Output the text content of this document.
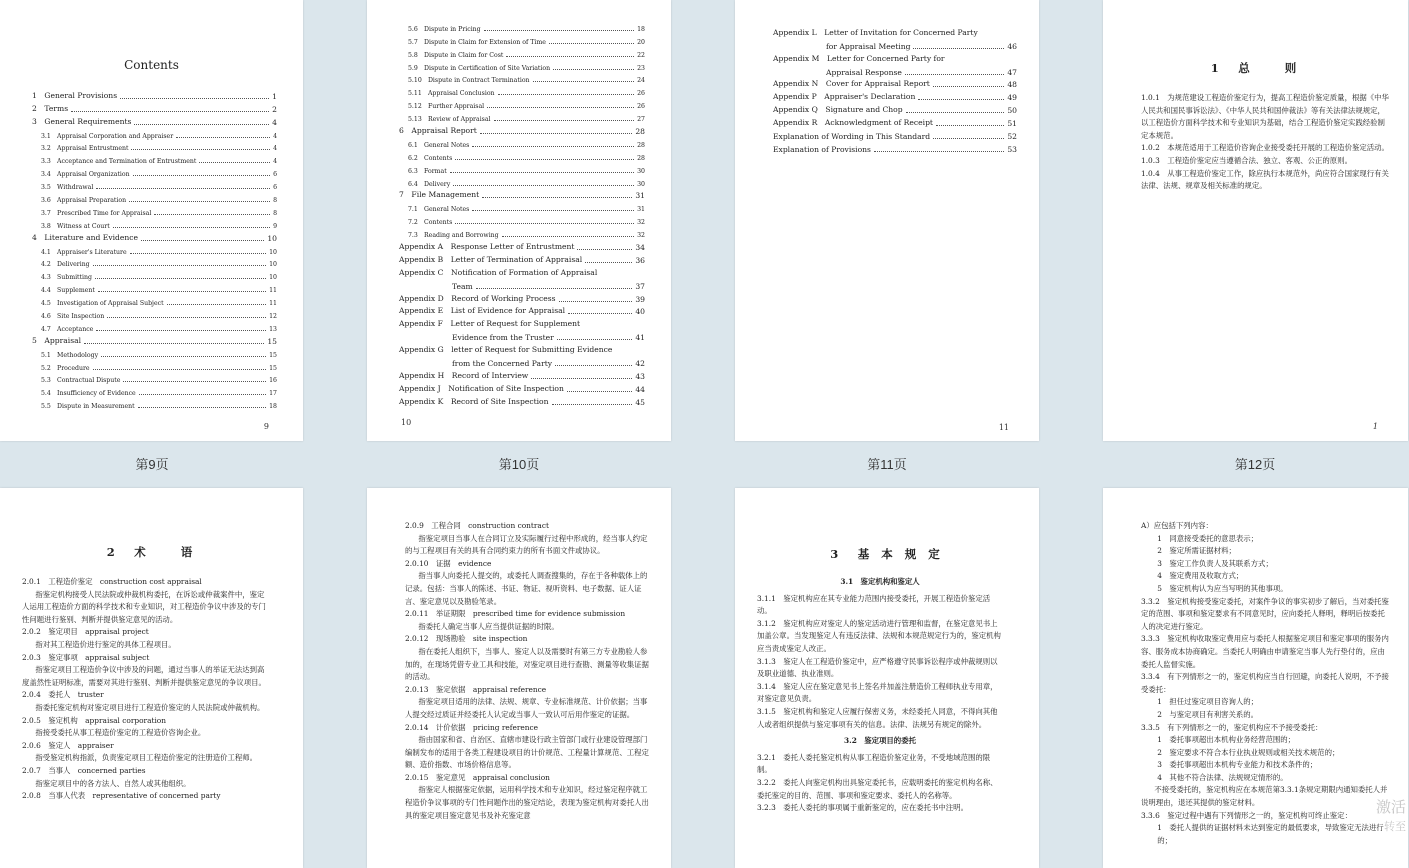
Contents
1　General Provisions	1
2　Terms	2
3　General Requirements	4
3.1　Appraisal Corporation and Appraiser	4
3.2　Appraisal Entrustment	4
3.3　Acceptance and Termination of Entrustment	4
3.4　Appraisal Organization	6
3.5　Withdrawal	6
3.6　Appraisal Preparation	8
3.7　Prescribed Time for Appraisal	8
3.8　Witness at Court	9
4　Literature and Evidence	10
4.1　Appraiser's Literature	10
4.2　Delivering	10
4.3　Submitting	10
4.4　Supplement	11
4.5　Investigation of Appraisal Subject	11
4.6　Site Inspection	12
4.7　Acceptance	13
5　Appraisal	15
5.1　Methodology	15
5.2　Procedure	15
5.3　Contractual Dispute	16
5.4　Insufficiency of Evidence	17
5.5　Dispute in Measurement	18
9
第9页
5.6　Dispute in Pricing	18
5.7　Dispute in Claim for Extension of Time	20
5.8　Dispute in Claim for Cost	22
5.9　Dispute in Certification of Site Variation	23
5.10　Dispute in Contract Termination	24
5.11　Appraisal Conclusion	26
5.12　Further Appraisal	26
5.13　Review of Appraisal	27
6　Appraisal Report	28
6.1　General Notes	28
6.2　Contents	28
6.3　Format	30
6.4　Delivery	30
7　File Management	31
7.1　General Notes	31
7.2　Contents	32
7.3　Reading and Borrowing	32
Appendix A　Response Letter of Entrustment	34
Appendix B　Letter of Termination of Appraisal	36
Appendix C　Notification of Formation of Appraisal
Team	37
Appendix D　Record of Working Process	39
Appendix E　List of Evidence for Appraisal	40
Appendix F　Letter of Request for Supplement
Evidence from the Truster	41
Appendix G　letter of Request for Submitting Evidence
from the Concerned Party	42
Appendix H　Record of Interview	43
Appendix J　Notification of Site Inspection	44
Appendix K　Record of Site Inspection	45
10
第10页
Appendix L　Letter of Invitation for Concerned Party
for Appraisal Meeting	46
Appendix M　Letter for Concerned Party for
Appraisal Response	47
Appendix N　Cover for Appraisal Report	48
Appendix P　Appraiser's Declaration	49
Appendix Q　Signature and Chop	50
Appendix R　Acknowledgment of Receipt	51
Explanation of Wording in This Standard	52
Explanation of Provisions	53
11
第11页
1　总　　则

1.0.1　为规范建设工程造价鉴定行为，提高工程造价鉴定质量，根据《中华人民共和国民事诉讼法》、《中华人民共和国仲裁法》等有关法律法规规定，以工程造价方面科学技术和专业知识为基础，结合工程造价鉴定实践经验制定本规范。

1.0.2　本规范适用于工程造价咨询企业接受委托开展的工程造价鉴定活动。

1.0.3　工程造价鉴定应当遵循合法、独立、客观、公正的原则。

1.0.4　从事工程造价鉴定工作，除应执行本规范外，尚应符合国家现行有关法律、法规、规章及相关标准的规定。

1
第12页
2　术　　语

2.0.1　工程造价鉴定　construction cost appraisal

指鉴定机构接受人民法院或仲裁机构委托，在诉讼或仲裁案件中，鉴定人运用工程造价方面的科学技术和专业知识，对工程造价争议中涉及的专门性问题进行鉴别、判断并提供鉴定意见的活动。

2.0.2　鉴定项目　appraisal project

指对其工程造价进行鉴定的具体工程项目。

2.0.3　鉴定事项　appraisal subject

指鉴定项目工程造价争议中涉及的问题，通过当事人的举证无法达到高度盖然性证明标准，需要对其进行鉴别、判断并提供鉴定意见的争议项目。

2.0.4　委托人　truster

指委托鉴定机构对鉴定项目进行工程造价鉴定的人民法院或仲裁机构。

2.0.5　鉴定机构　appraisal corporation

指接受委托从事工程造价鉴定的工程造价咨询企业。

2.0.6　鉴定人　appraiser

指受鉴定机构指派，负责鉴定项目工程造价鉴定的注册造价工程师。

2.0.7　当事人　concerned parties

指鉴定项目中的各方法人、自然人或其他组织。

2.0.8　当事人代表　representative of concerned party

2.0.9　工程合同　construction contract

指鉴定项目当事人在合同订立及实际履行过程中形成的，经当事人约定的与工程项目有关的具有合同约束力的所有书面文件或协议。

2.0.10　证据　evidence

指当事人向委托人提交的，或委托人调查搜集的，存在于各种载体上的记录。包括：当事人的陈述、书证、物证、视听资料、电子数据、证人证言、鉴定意见以及勘验笔录。

2.0.11　举证期限　prescribed time for evidence submission

指委托人确定当事人应当提供证据的时限。

2.0.12　现场勘验　site inspection

指在委托人组织下，当事人、鉴定人以及需要时有第三方专业勘验人参加的，在现场凭借专业工具和技能，对鉴定项目进行查勘、测量等收集证据的活动。

2.0.13　鉴定依据　appraisal reference

指鉴定项目适用的法律、法规、规章、专业标准规范、计价依据；当事人提交经过质证并经委托人认定或当事人一致认可后用作鉴定的证据。

2.0.14　计价依据　pricing reference

指由国家和省、自治区、直辖市建设行政主管部门或行业建设管理部门编制发布的适用于各类工程建设项目的计价规范、工程量计算规范、工程定额、造价指数、市场价格信息等。

2.0.15　鉴定意见　appraisal conclusion

指鉴定人根据鉴定依据，运用科学技术和专业知识，经过鉴定程序就工程造价争议事项的专门性问题作出的鉴定结论，表现为鉴定机构对委托人出具的鉴定项目鉴定意见书及补充鉴定意

3　基 本 规 定

3.1　鉴定机构和鉴定人

3.1.1　鉴定机构应在其专业能力范围内接受委托，开展工程造价鉴定活动。

3.1.2　鉴定机构应对鉴定人的鉴定活动进行管理和监督，在鉴定意见书上加盖公章。当发现鉴定人有违反法律、法规和本规范规定行为的，鉴定机构应当责成鉴定人改正。

3.1.3　鉴定人在工程造价鉴定中，应严格遵守民事诉讼程序或仲裁规则以及职业道德、执业准则。

3.1.4　鉴定人应在鉴定意见书上签名并加盖注册造价工程师执业专用章，对鉴定意见负责。

3.1.5　鉴定机构和鉴定人应履行保密义务，未经委托人同意，不得向其他人或者组织提供与鉴定事项有关的信息。法律、法规另有规定的除外。

3.2　鉴定项目的委托

3.2.1　委托人委托鉴定机构从事工程造价鉴定业务，不受地域范围的限制。

3.2.2　委托人向鉴定机构出具鉴定委托书，应载明委托的鉴定机构名称、委托鉴定的目的、范围、事项和鉴定要求、委托人的名称等。

3.2.3　委托人委托的事项属于重新鉴定的，应在委托书中注明。

A）应包括下列内容：

1　同意接受委托的意思表示；

2　鉴定所需证据材料；

3　鉴定工作负责人及其联系方式；

4　鉴定费用及收取方式；

5　鉴定机构认为应当写明的其他事项。

3.3.2　鉴定机构接受鉴定委托，对案件争议的事实初步了解后，当对委托鉴定的范围、事项和鉴定要求有不同意见时，应向委托人释明，释明后按委托人的决定进行鉴定。

3.3.3　鉴定机构收取鉴定费用应与委托人根据鉴定项目和鉴定事项的服务内容、服务成本协商确定。当委托人明确由申请鉴定当事人先行垫付的，应由委托人监督实施。

3.3.4　有下列情形之一的，鉴定机构应当自行回避，向委托人说明，不予接受委托：

1　担任过鉴定项目咨询人的；

2　与鉴定项目有利害关系的。

3.3.5　有下列情形之一的，鉴定机构应不予接受委托：

1　委托事项超出本机构业务经营范围的；

2　鉴定要求不符合本行业执业规则或相关技术规范的；

3　委托事项超出本机构专业能力和技术条件的；

4　其他不符合法律、法规规定情形的。

不接受委托的，鉴定机构应在本规范第3.3.1条规定期限内通知委托人并说明理由，退还其提供的鉴定材料。

3.3.6　鉴定过程中遇有下列情形之一的，鉴定机构可终止鉴定：

1　委托人提供的证据材料未达到鉴定的最低要求，导致鉴定无法进行的；

激活
转至
